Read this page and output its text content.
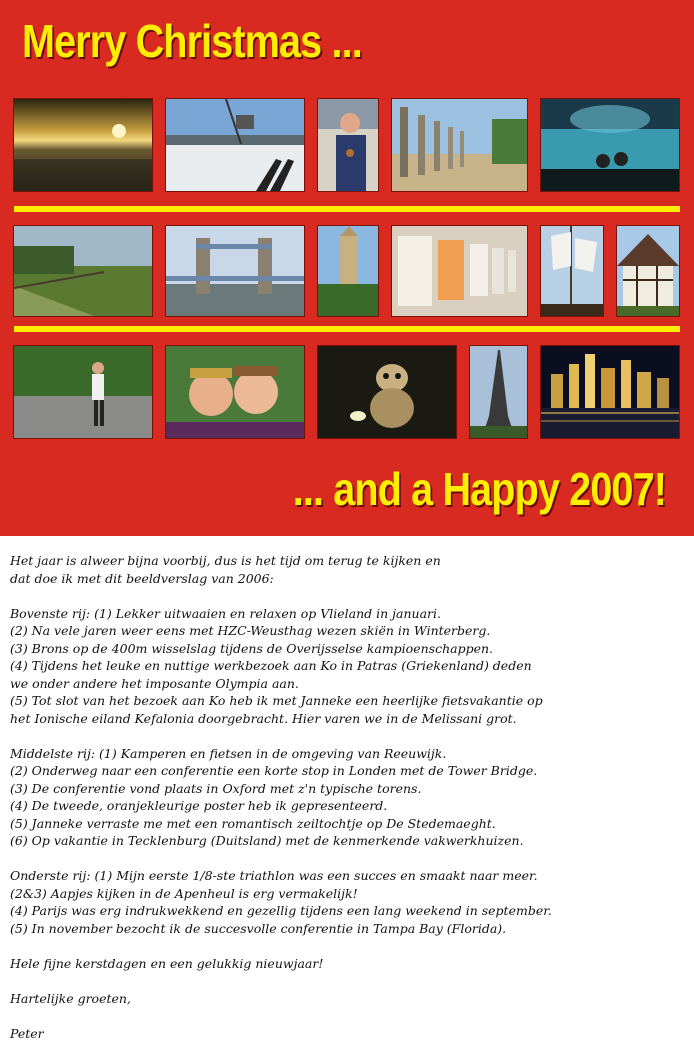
Merry Christmas ...
... and a Happy 2007!
Het jaar is alweer bijna voorbij, dus is het tijd om terug te kijken en
dat doe ik met dit beeldverslag van 2006:
Bovenste rij: (1) Lekker uitwaaien en relaxen op Vlieland in januari.
(2) Na vele jaren weer eens met HZC-Weusthag wezen skiën in Winterberg.
(3) Brons op de 400m wisselslag tijdens de Overijsselse kampioenschappen.
(4) Tijdens het leuke en nuttige werkbezoek aan Ko in Patras (Griekenland) deden
we onder andere het imposante Olympia aan.
(5) Tot slot van het bezoek aan Ko heb ik met Janneke een heerlijke fietsvakantie op
het Ionische eiland Kefalonia doorgebracht. Hier varen we in de Melissani grot.
Middelste rij: (1) Kamperen en fietsen in de omgeving van Reeuwijk.
(2) Onderweg naar een conferentie een korte stop in Londen met de Tower Bridge.
(3) De conferentie vond plaats in Oxford met z'n typische torens.
(4) De tweede, oranjekleurige poster heb ik gepresenteerd.
(5) Janneke verraste me met een romantisch zeiltochtje op De Stedemaeght.
(6) Op vakantie in Tecklenburg (Duitsland) met de kenmerkende vakwerkhuizen.
Onderste rij: (1) Mijn eerste 1/8-ste triathlon was een succes en smaakt naar meer.
(2&3) Aapjes kijken in de Apenheul is erg vermakelijk!
(4) Parijs was erg indrukwekkend en gezellig tijdens een lang weekend in september.
(5) In november bezocht ik de succesvolle conferentie in Tampa Bay (Florida).
Hele fijne kerstdagen en een gelukkig nieuwjaar!
Hartelijke groeten,
Peter
